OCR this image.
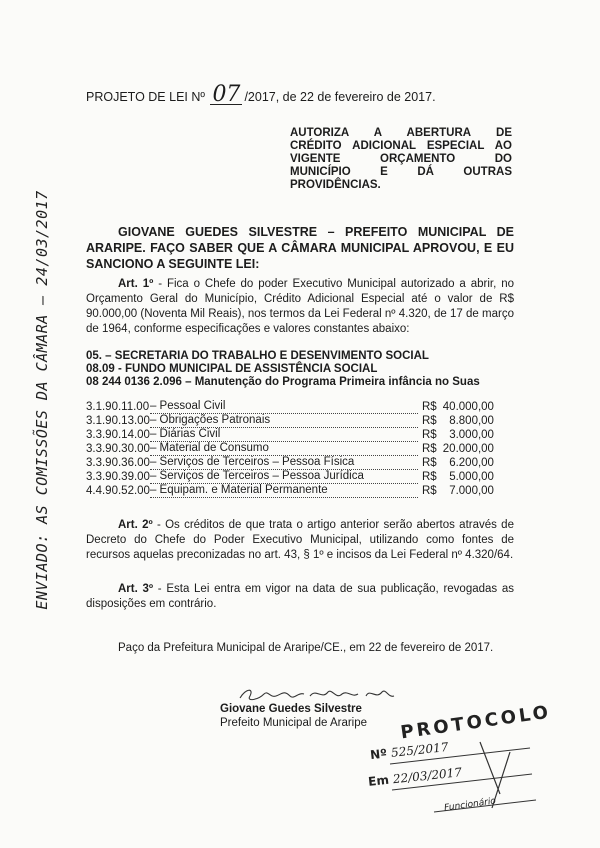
PROJETO DE LEI Nº 07 /2017, de 22 de fevereiro de 2017.
AUTORIZA A ABERTURA DE
CRÉDITO ADICIONAL ESPECIAL AO
VIGENTE ORÇAMENTO DO
MUNICÍPIO E DÁ OUTRAS
PROVIDÊNCIAS.
GIOVANE GUEDES SILVESTRE – PREFEITO MUNICIPAL DE ARARIPE. FAÇO SABER QUE A CÂMARA MUNICIPAL APROVOU, E EU SANCIONO A SEGUINTE LEI:
Art. 1º - Fica o Chefe do poder Executivo Municipal autorizado a abrir, no Orçamento Geral do Município, Crédito Adicional Especial até o valor de R$ 90.000,00 (Noventa Mil Reais), nos termos da Lei Federal nº 4.320, de 17 de março de 1964, conforme especificações e valores constantes abaixo:
05. – SECRETARIA DO TRABALHO E DESENVIMENTO SOCIAL
08.09 - FUNDO MUNICIPAL DE ASSISTÊNCIA SOCIAL
08 244 0136 2.096 – Manutenção do Programa Primeira infância no Suas
3.1.90.11.00	– Pessoal Civil	R$	40.000,00
3.1.90.13.00	– Obrigações Patronais	R$	8.800,00
3.3.90.14.00	– Diárias Civil	R$	3.000,00
3.3.90.30.00	– Material de Consumo	R$	20.000,00
3.3.90.36.00	– Serviços de Terceiros – Pessoa Física	R$	6.200,00
3.3.90.39.00	– Serviços de Terceiros – Pessoa Jurídica	R$	5.000,00
4.4.90.52.00	– Equipam. e Material Permanente	R$	7.000,00
Art. 2º - Os créditos de que trata o artigo anterior serão abertos através de Decreto do Chefe do Poder Executivo Municipal, utilizando como fontes de recursos aquelas preconizadas no art. 43, § 1º e incisos da Lei Federal nº 4.320/64.
Art. 3º - Esta Lei entra em vigor na data de sua publicação, revogadas as disposições em contrário.
Paço da Prefeitura Municipal de Araripe/CE., em 22 de fevereiro de 2017.
Giovane Guedes Silvestre
Prefeito Municipal de Araripe
ENVIADO: AS COMISSÕES DA CÂMARA – 24/03/2017
PROTOCOLO
Nº 525/2017
Em 22/03/2017
Funcionário
